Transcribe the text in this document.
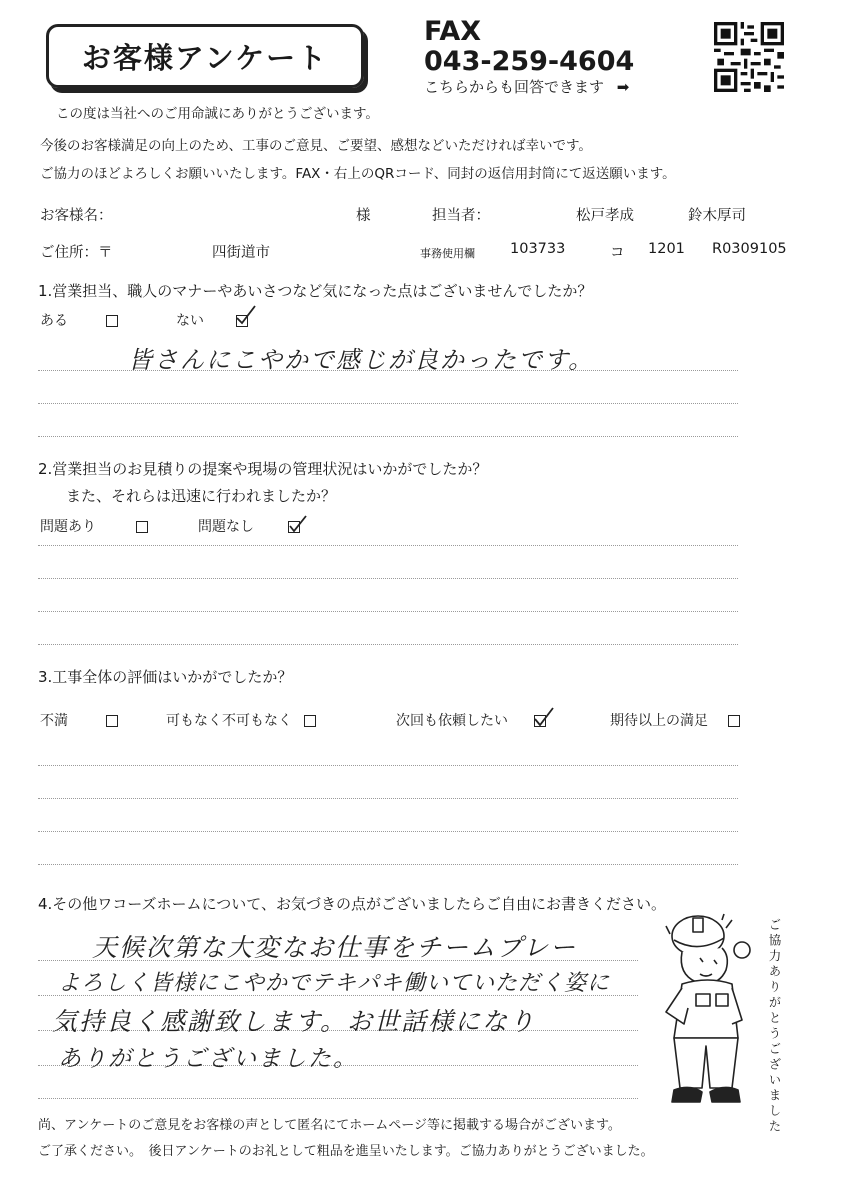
お客様アンケート
FAX
043-259-4604
こちらからも回答できます ➡
この度は当社へのご用命誠にありがとうございます。
今後のお客様満足の向上のため、工事のご意見、ご要望、感想などいただければ幸いです。
ご協力のほどよろしくお願いいたします。FAX・右上のQRコード、同封の返信用封筒にて返送願います。
お客様名：	様	担当者：	松戸孝成	鈴木厚司
ご住所：〒	四街道市	事務使用欄 103733	コ 1201 R0309105
1.営業担当、職人のマナーやあいさつなど気になった点はございませんでしたか？
ある	ない
皆さんにこやかで感じが良かったです。
2.営業担当のお見積りの提案や現場の管理状況はいかがでしたか？
また、それらは迅速に行われましたか？
問題あり	問題なし
3.工事全体の評価はいかがでしたか？
不満	可もなく不可もなく	次回も依頼したい	期待以上の満足
4.その他ワコーズホームについて、お気づきの点がございましたらご自由にお書きください。
天候次第な大変なお仕事をチームプレー
よろしく皆様にこやかでテキパキ働いていただく姿に
気持良く感謝致します。お世話様になり
ありがとうございました。	ご協力ありがとうございました
尚、アンケートのご意見をお客様の声として匿名にてホームページ等に掲載する場合がございます。
ご了承ください。　後日アンケートのお礼として粗品を進呈いたします。ご協力ありがとうございました。
